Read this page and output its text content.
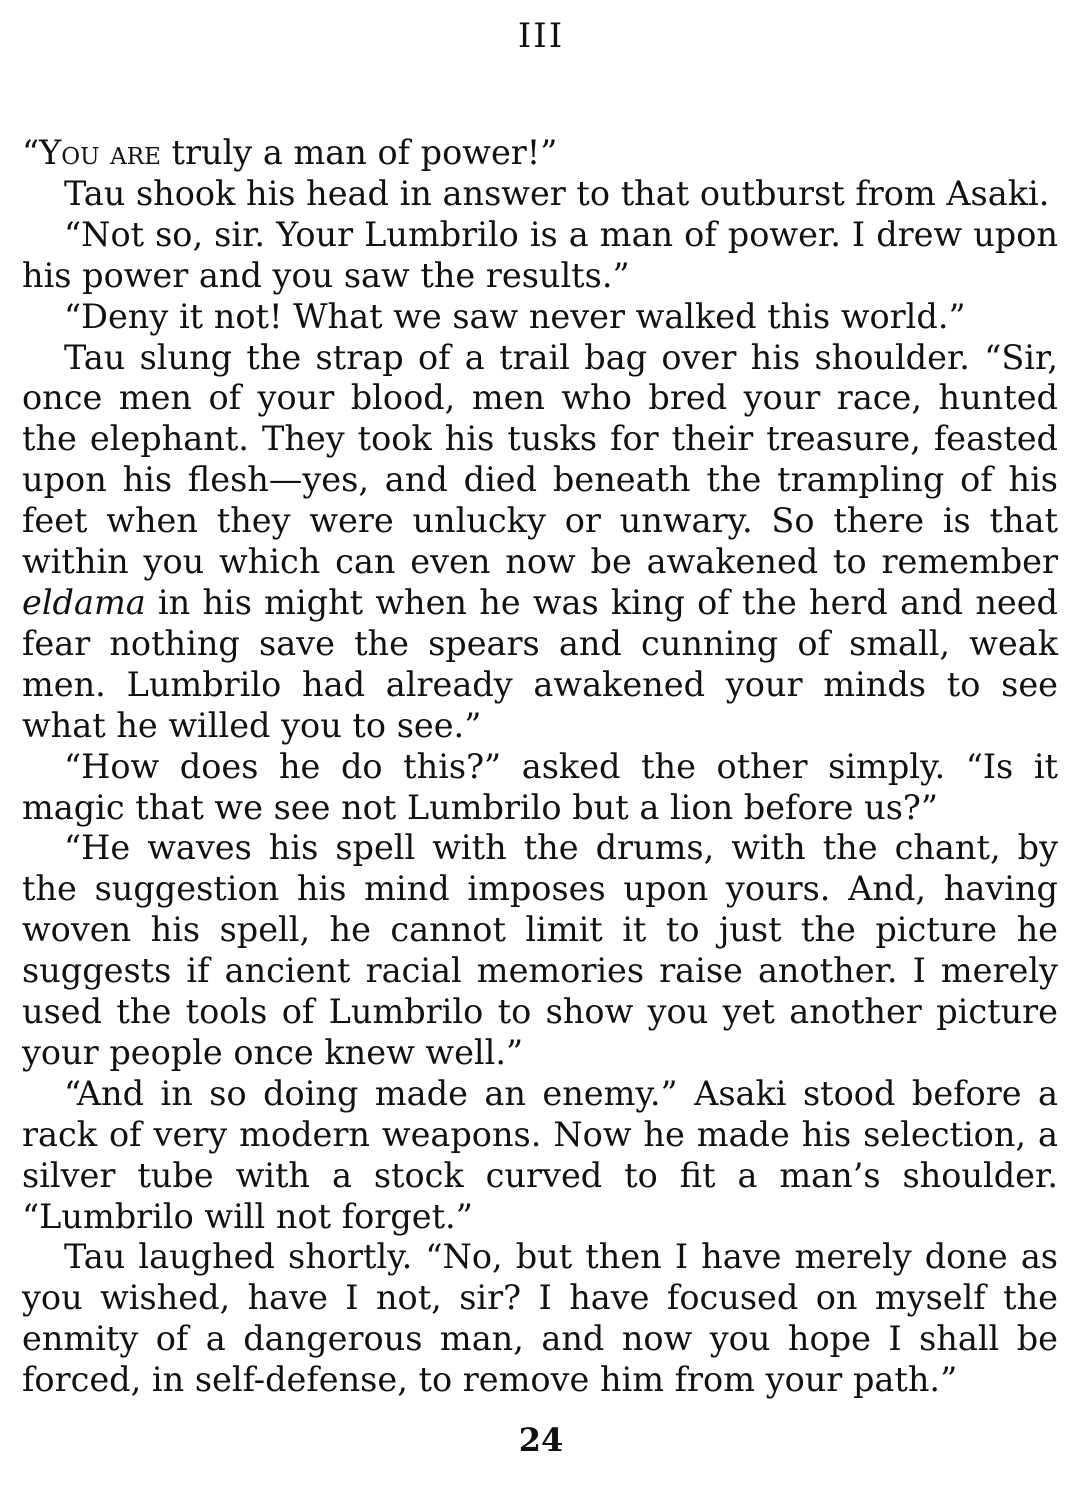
III

“You are truly a man of power!”

Tau shook his head in answer to that outburst from Asaki.

“Not so, sir. Your Lumbrilo is a man of power. I drew upon his power and you saw the results.”

“Deny it not! What we saw never walked this world.”

Tau slung the strap of a trail bag over his shoulder. “Sir, once men of your blood, men who bred your race, hunted the elephant. They took his tusks for their treasure, feasted upon his flesh—yes, and died beneath the trampling of his feet when they were unlucky or unwary. So there is that within you which can even now be awakened to remember eldama in his might when he was king of the herd and need fear nothing save the spears and cunning of small, weak men. Lumbrilo had already awakened your minds to see what he willed you to see.”

“How does he do this?” asked the other simply. “Is it magic that we see not Lumbrilo but a lion before us?”

“He waves his spell with the drums, with the chant, by the suggestion his mind imposes upon yours. And, having woven his spell, he cannot limit it to just the picture he suggests if ancient racial memories raise another. I merely used the tools of Lumbrilo to show you yet another picture your people once knew well.”

“And in so doing made an enemy.” Asaki stood before a rack of very modern weapons. Now he made his selection, a silver tube with a stock curved to fit a man’s shoulder. “Lumbrilo will not forget.”

Tau laughed shortly. “No, but then I have merely done as you wished, have I not, sir? I have focused on myself the enmity of a dangerous man, and now you hope I shall be forced, in self-defense, to remove him from your path.”

24
